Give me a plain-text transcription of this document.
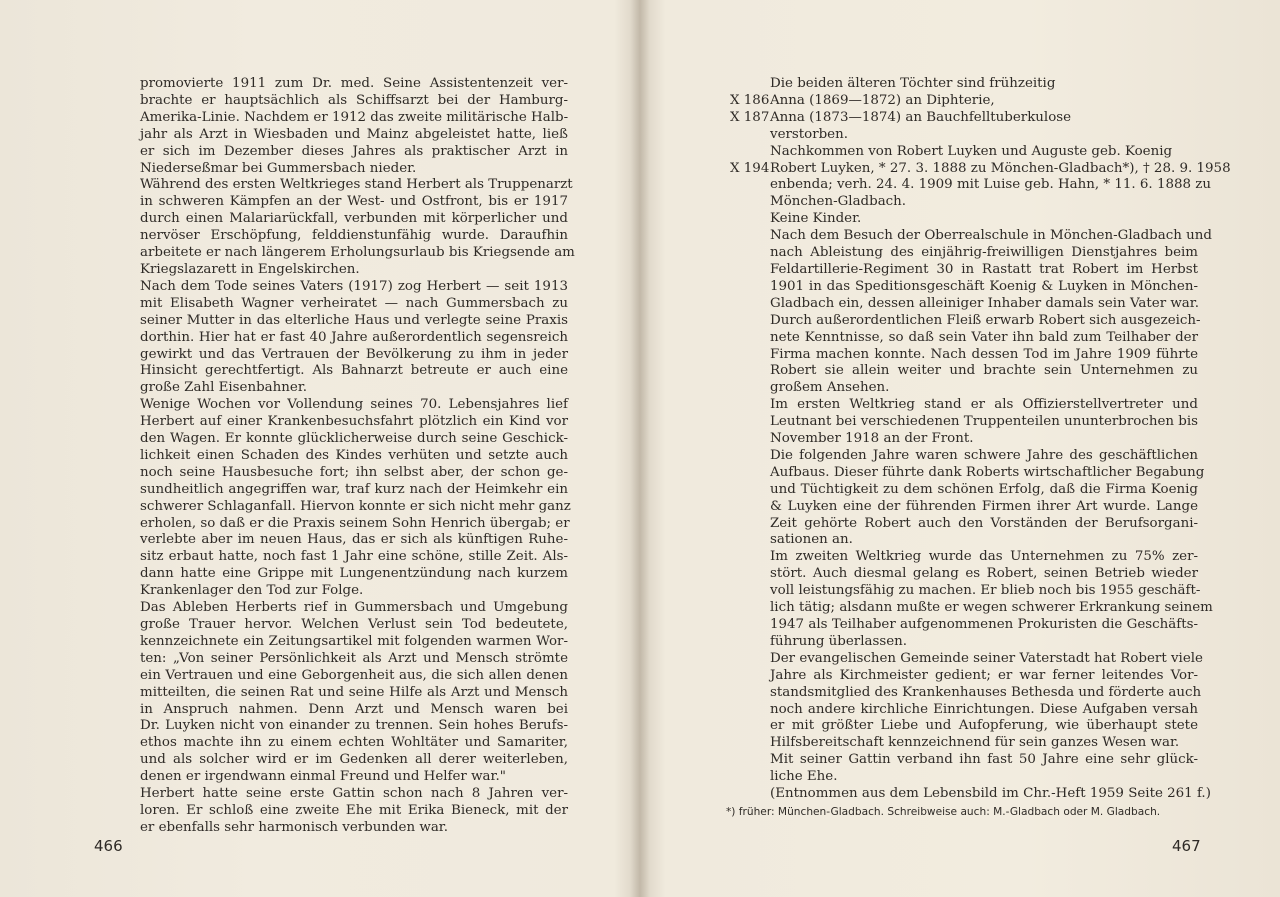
promovierte 1911 zum Dr. med. Seine Assistentenzeit ver-
brachte er hauptsächlich als Schiffsarzt bei der Hamburg-
Amerika-Linie. Nachdem er 1912 das zweite militärische Halb-
jahr als Arzt in Wiesbaden und Mainz abgeleistet hatte, ließ
er sich im Dezember dieses Jahres als praktischer Arzt in
Niederseßmar bei Gummersbach nieder.
Während des ersten Weltkrieges stand Herbert als Truppenarzt
in schweren Kämpfen an der West- und Ostfront, bis er 1917
durch einen Malariarückfall, verbunden mit körperlicher und
nervöser Erschöpfung, felddienstunfähig wurde. Daraufhin
arbeitete er nach längerem Erholungsurlaub bis Kriegsende am
Kriegslazarett in Engelskirchen.
Nach dem Tode seines Vaters (1917) zog Herbert — seit 1913
mit Elisabeth Wagner verheiratet — nach Gummersbach zu
seiner Mutter in das elterliche Haus und verlegte seine Praxis
dorthin. Hier hat er fast 40 Jahre außerordentlich segensreich
gewirkt und das Vertrauen der Bevölkerung zu ihm in jeder
Hinsicht gerechtfertigt. Als Bahnarzt betreute er auch eine
große Zahl Eisenbahner.
Wenige Wochen vor Vollendung seines 70. Lebensjahres lief
Herbert auf einer Krankenbesuchsfahrt plötzlich ein Kind vor
den Wagen. Er konnte glücklicherweise durch seine Geschick-
lichkeit einen Schaden des Kindes verhüten und setzte auch
noch seine Hausbesuche fort; ihn selbst aber, der schon ge-
sundheitlich angegriffen war, traf kurz nach der Heimkehr ein
schwerer Schlaganfall. Hiervon konnte er sich nicht mehr ganz
erholen, so daß er die Praxis seinem Sohn Henrich übergab; er
verlebte aber im neuen Haus, das er sich als künftigen Ruhe-
sitz erbaut hatte, noch fast 1 Jahr eine schöne, stille Zeit. Als-
dann hatte eine Grippe mit Lungenentzündung nach kurzem
Krankenlager den Tod zur Folge.
Das Ableben Herberts rief in Gummersbach und Umgebung
große Trauer hervor. Welchen Verlust sein Tod bedeutete,
kennzeichnete ein Zeitungsartikel mit folgenden warmen Wor-
ten: „Von seiner Persönlichkeit als Arzt und Mensch strömte
ein Vertrauen und eine Geborgenheit aus, die sich allen denen
mitteilten, die seinen Rat und seine Hilfe als Arzt und Mensch
in Anspruch nahmen. Denn Arzt und Mensch waren bei
Dr. Luyken nicht von einander zu trennen. Sein hohes Berufs-
ethos machte ihn zu einem echten Wohltäter und Samariter,
und als solcher wird er im Gedenken all derer weiterleben,
denen er irgendwann einmal Freund und Helfer war."
Herbert hatte seine erste Gattin schon nach 8 Jahren ver-
loren. Er schloß eine zweite Ehe mit Erika Bieneck, mit der
er ebenfalls sehr harmonisch verbunden war.
466
Die beiden älteren Töchter sind frühzeitig
X 186 Anna (1869—1872) an Diphterie,
X 187 Anna (1873—1874) an Bauchfelltuberkulose
verstorben.
Nachkommen von Robert Luyken und Auguste geb. Koenig
X 194 Robert Luyken, * 27. 3. 1888 zu Mönchen-Gladbach*), † 28. 9. 1958
enbenda; verh. 24. 4. 1909 mit Luise geb. Hahn, * 11. 6. 1888 zu
Mönchen-Gladbach.
Keine Kinder.
Nach dem Besuch der Oberrealschule in Mönchen-Gladbach und
nach Ableistung des einjährig-freiwilligen Dienstjahres beim
Feldartillerie-Regiment 30 in Rastatt trat Robert im Herbst
1901 in das Speditionsgeschäft Koenig & Luyken in Mönchen-
Gladbach ein, dessen alleiniger Inhaber damals sein Vater war.
Durch außerordentlichen Fleiß erwarb Robert sich ausgezeich-
nete Kenntnisse, so daß sein Vater ihn bald zum Teilhaber der
Firma machen konnte. Nach dessen Tod im Jahre 1909 führte
Robert sie allein weiter und brachte sein Unternehmen zu
großem Ansehen.
Im ersten Weltkrieg stand er als Offizierstellvertreter und
Leutnant bei verschiedenen Truppenteilen ununterbrochen bis
November 1918 an der Front.
Die folgenden Jahre waren schwere Jahre des geschäftlichen
Aufbaus. Dieser führte dank Roberts wirtschaftlicher Begabung
und Tüchtigkeit zu dem schönen Erfolg, daß die Firma Koenig
& Luyken eine der führenden Firmen ihrer Art wurde. Lange
Zeit gehörte Robert auch den Vorständen der Berufsorgani-
sationen an.
Im zweiten Weltkrieg wurde das Unternehmen zu 75% zer-
stört. Auch diesmal gelang es Robert, seinen Betrieb wieder
voll leistungsfähig zu machen. Er blieb noch bis 1955 geschäft-
lich tätig; alsdann mußte er wegen schwerer Erkrankung seinem
1947 als Teilhaber aufgenommenen Prokuristen die Geschäfts-
führung überlassen.
Der evangelischen Gemeinde seiner Vaterstadt hat Robert viele
Jahre als Kirchmeister gedient; er war ferner leitendes Vor-
standsmitglied des Krankenhauses Bethesda und förderte auch
noch andere kirchliche Einrichtungen. Diese Aufgaben versah
er mit größter Liebe und Aufopferung, wie überhaupt stete
Hilfsbereitschaft kennzeichnend für sein ganzes Wesen war.
Mit seiner Gattin verband ihn fast 50 Jahre eine sehr glück-
liche Ehe.
(Entnommen aus dem Lebensbild im Chr.-Heft 1959 Seite 261 f.)
*) früher: München-Gladbach. Schreibweise auch: M.-Gladbach oder M. Gladbach.
467
